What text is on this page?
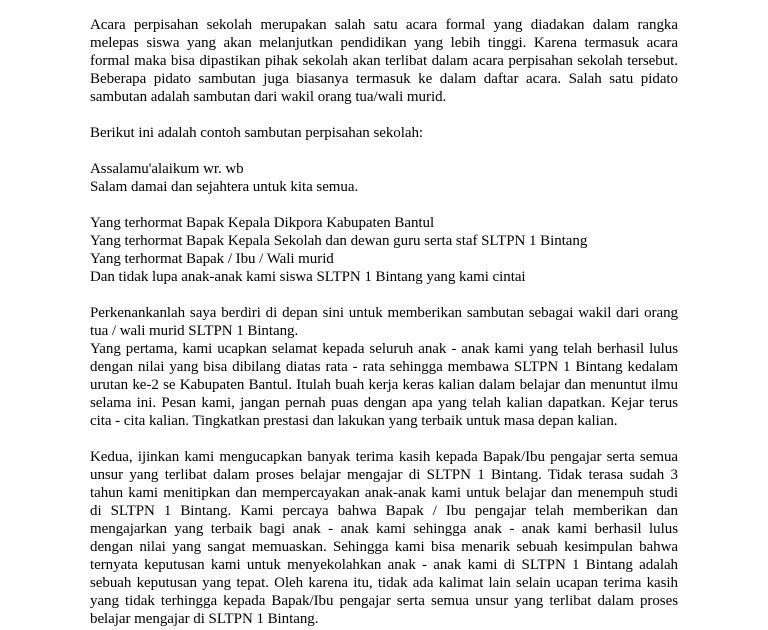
Acara perpisahan sekolah merupakan salah satu acara formal yang diadakan dalam rangka
melepas siswa yang akan melanjutkan pendidikan yang lebih tinggi. Karena termasuk acara
formal maka bisa dipastikan pihak sekolah akan terlibat dalam acara perpisahan sekolah tersebut.
Beberapa pidato sambutan juga biasanya termasuk ke dalam daftar acara. Salah satu pidato
sambutan adalah sambutan dari wakil orang tua/wali murid.
Berikut ini adalah contoh sambutan perpisahan sekolah:
Assalamu'alaikum wr. wb
Salam damai dan sejahtera untuk kita semua.
Yang terhormat Bapak Kepala Dikpora Kabupaten Bantul
Yang terhormat Bapak Kepala Sekolah dan dewan guru serta staf SLTPN 1 Bintang
Yang terhormat Bapak / Ibu / Wali murid
Dan tidak lupa anak-anak kami siswa SLTPN 1 Bintang yang kami cintai
Perkenankanlah saya berdiri di depan sini untuk memberikan sambutan sebagai wakil dari orang
tua / wali murid SLTPN 1 Bintang.
Yang pertama, kami ucapkan selamat kepada seluruh anak - anak kami yang telah berhasil lulus
dengan nilai yang bisa dibilang diatas rata - rata sehingga membawa SLTPN 1 Bintang kedalam
urutan ke-2 se Kabupaten Bantul. Itulah buah kerja keras kalian dalam belajar dan menuntut ilmu
selama ini. Pesan kami, jangan pernah puas dengan apa yang telah kalian dapatkan. Kejar terus
cita - cita kalian. Tingkatkan prestasi dan lakukan yang terbaik untuk masa depan kalian.
Kedua, ijinkan kami mengucapkan banyak terima kasih kepada Bapak/Ibu pengajar serta semua
unsur yang terlibat dalam proses belajar mengajar di SLTPN 1 Bintang. Tidak terasa sudah 3
tahun kami menitipkan dan mempercayakan anak-anak kami untuk belajar dan menempuh studi
di SLTPN 1 Bintang. Kami percaya bahwa Bapak / Ibu pengajar telah memberikan dan
mengajarkan yang terbaik bagi anak - anak kami sehingga anak - anak kami berhasil lulus
dengan nilai yang sangat memuaskan. Sehingga kami bisa menarik sebuah kesimpulan bahwa
ternyata keputusan kami untuk menyekolahkan anak - anak kami di SLTPN 1 Bintang adalah
sebuah keputusan yang tepat. Oleh karena itu, tidak ada kalimat lain selain ucapan terima kasih
yang tidak terhingga kepada Bapak/Ibu pengajar serta semua unsur yang terlibat dalam proses
belajar mengajar di SLTPN 1 Bintang.
